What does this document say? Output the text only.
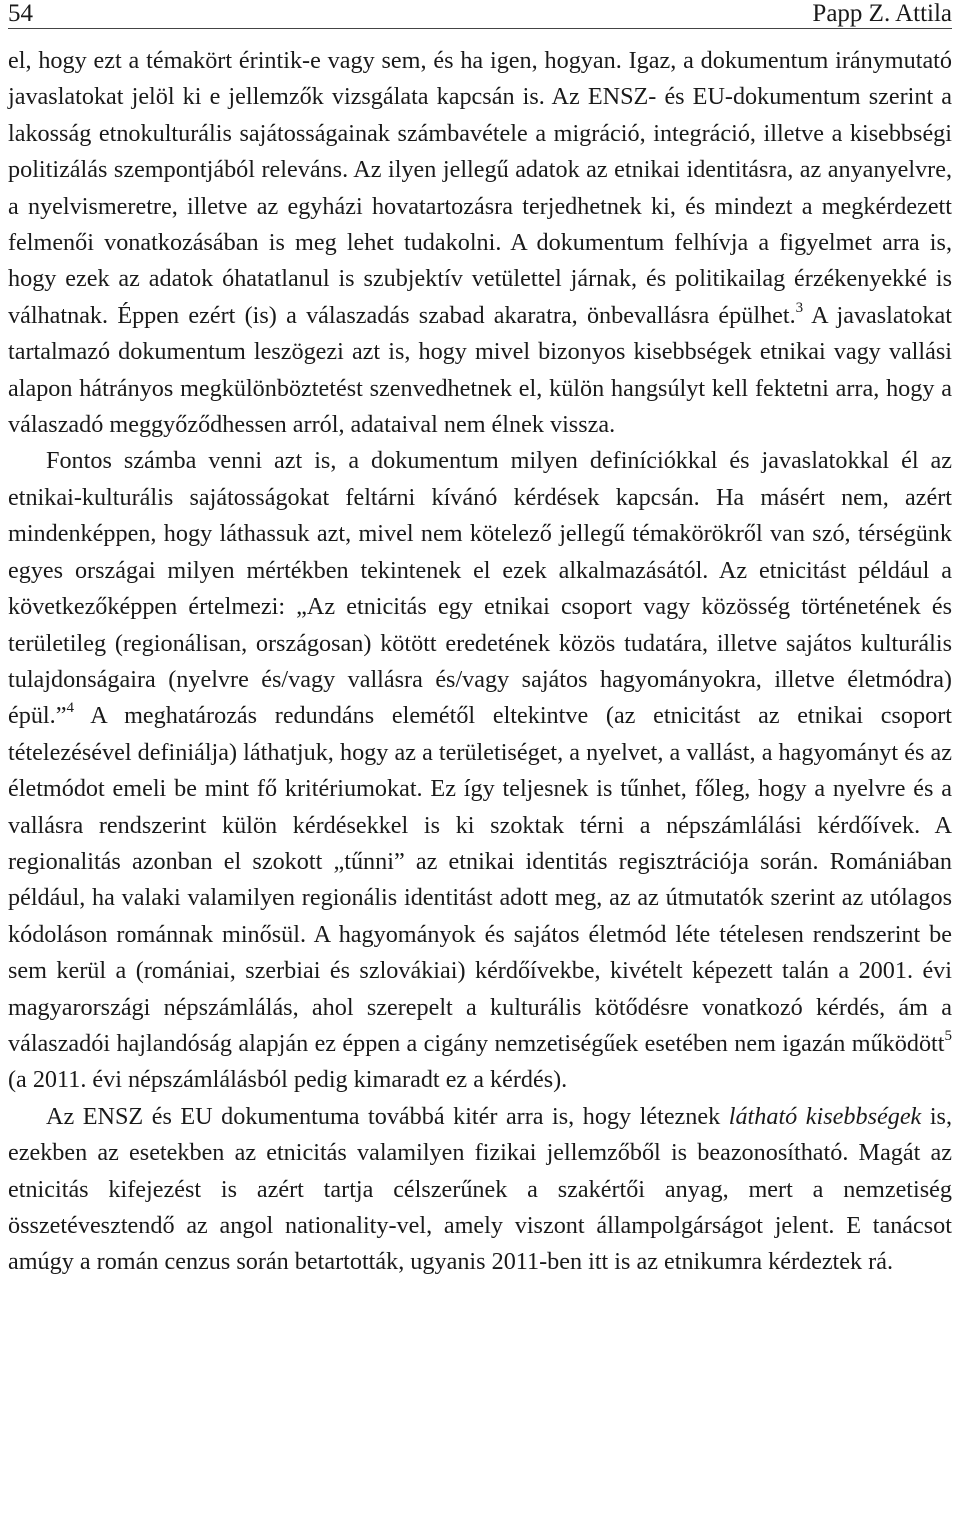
54	Papp Z. Attila

el, hogy ezt a témakört érintik-e vagy sem, és ha igen, hogyan. Igaz, a dokumentum iránymutató javaslatokat jelöl ki e jellemzők vizsgálata kapcsán is. Az ENSZ- és EU-dokumentum szerint a lakosság etnokulturális sajátosságainak számbavétele a migráció, integráció, illetve a kisebbségi politizálás szempontjából releváns. Az ilyen jellegű adatok az etnikai identitásra, az anyanyelvre, a nyelvismeretre, illetve az egyházi hovatartozásra terjedhetnek ki, és mindezt a megkérdezett felmenői vonatkozásában is meg lehet tudakolni. A dokumentum felhívja a figyelmet arra is, hogy ezek az adatok óhatatlanul is szubjektív vetülettel járnak, és politikailag érzékenyekké is válhatnak. Éppen ezért (is) a válaszadás szabad akaratra, önbevallásra épülhet.$^3$ A javaslatokat tartalmazó dokumentum leszögezi azt is, hogy mivel bizonyos kisebbségek etnikai vagy vallási alapon hátrányos megkülönböztetést szenvedhetnek el, külön hangsúlyt kell fektetni arra, hogy a válaszadó meggyőződhessen arról, adataival nem élnek vissza.

Fontos számba venni azt is, a dokumentum milyen definíciókkal és javaslatokkal él az etnikai-kulturális sajátosságokat feltárni kívánó kérdések kapcsán. Ha másért nem, azért mindenképpen, hogy láthassuk azt, mivel nem kötelező jellegű témakörökről van szó, térségünk egyes országai milyen mértékben tekintenek el ezek alkalmazásától. Az etnicitást például a következőképpen értelmezi: „Az etnicitás egy etnikai csoport vagy közösség történetének és területileg (regionálisan, országosan) kötött eredetének közös tudatára, illetve sajátos kulturális tulajdonságaira (nyelvre és/vagy vallásra és/vagy sajátos hagyományokra, illetve életmódra) épül.”$^4$ A meghatározás redundáns elemétől eltekintve (az etnicitást az etnikai csoport tételezésével definiálja) láthatjuk, hogy az a területiséget, a nyelvet, a vallást, a hagyományt és az életmódot emeli be mint fő kritériumokat. Ez így teljesnek is tűnhet, főleg, hogy a nyelvre és a vallásra rendszerint külön kérdésekkel is ki szoktak térni a népszámlálási kérdőívek. A regionalitás azonban el szokott „tűnni” az etnikai identitás regisztrációja során. Romániában például, ha valaki valamilyen regionális identitást adott meg, az az útmutatók szerint az utólagos kódoláson románnak minősül. A hagyományok és sajátos életmód léte tételesen rendszerint be sem kerül a (romániai, szerbiai és szlovákiai) kérdőívekbe, kivételt képezett talán a 2001. évi magyarországi népszámlálás, ahol szerepelt a kulturális kötődésre vonatkozó kérdés, ám a válaszadói hajlandóság alapján ez éppen a cigány nemzetiségűek esetében nem igazán működött$^5$ (a 2011. évi népszámlálásból pedig kimaradt ez a kérdés).

Az ENSZ és EU dokumentuma továbbá kitér arra is, hogy léteznek látható kisebbségek is, ezekben az esetekben az etnicitás valamilyen fizikai jellemzőből is beazonosítható. Magát az etnicitás kifejezést is azért tartja célszerűnek a szakértői anyag, mert a nemzetiség összetévesztendő az angol nationality-vel, amely viszont állampolgárságot jelent. E tanácsot amúgy a román cenzus során betartották, ugyanis 2011-ben itt is az etnikumra kérdeztek rá.
